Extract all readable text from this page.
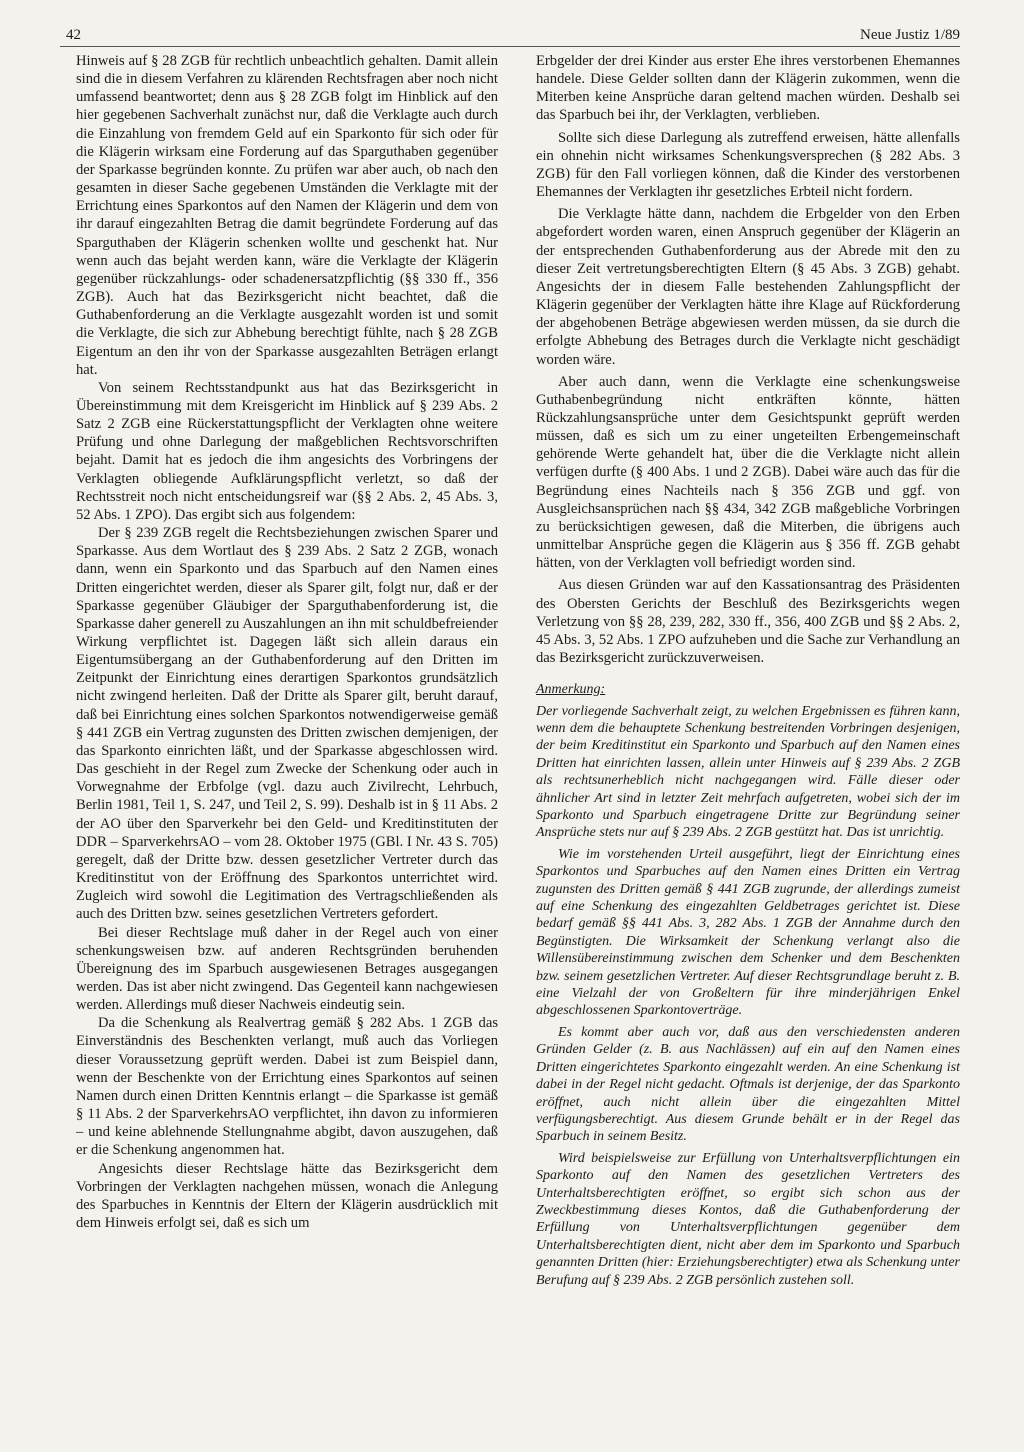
42	Neue Justiz 1/89

Hinweis auf § 28 ZGB für rechtlich unbeachtlich gehalten. Damit allein sind die in diesem Verfahren zu klärenden Rechtsfragen aber noch nicht umfassend beantwortet; denn aus § 28 ZGB folgt im Hinblick auf den hier gegebenen Sachverhalt zunächst nur, daß die Verklagte auch durch die Einzahlung von fremdem Geld auf ein Sparkonto für sich oder für die Klägerin wirksam eine Forderung auf das Sparguthaben gegenüber der Sparkasse begründen konnte. Zu prüfen war aber auch, ob nach den gesamten in dieser Sache gegebenen Umständen die Verklagte mit der Errichtung eines Sparkontos auf den Namen der Klägerin und dem von ihr darauf eingezahlten Betrag die damit begründete Forderung auf das Sparguthaben der Klägerin schenken wollte und geschenkt hat. Nur wenn auch das bejaht werden kann, wäre die Verklagte der Klägerin gegenüber rückzahlungs- oder schadenersatzpflichtig (§§ 330 ff., 356 ZGB). Auch hat das Bezirksgericht nicht beachtet, daß die Guthabenforderung an die Verklagte ausgezahlt worden ist und somit die Verklagte, die sich zur Abhebung berechtigt fühlte, nach § 28 ZGB Eigentum an den ihr von der Sparkasse ausgezahlten Beträgen erlangt hat.

Von seinem Rechtsstandpunkt aus hat das Bezirksgericht in Übereinstimmung mit dem Kreisgericht im Hinblick auf § 239 Abs. 2 Satz 2 ZGB eine Rückerstattungspflicht der Verklagten ohne weitere Prüfung und ohne Darlegung der maßgeblichen Rechtsvorschriften bejaht. Damit hat es jedoch die ihm angesichts des Vorbringens der Verklagten obliegende Aufklärungspflicht verletzt, so daß der Rechtsstreit noch nicht entscheidungsreif war (§§ 2 Abs. 2, 45 Abs. 3, 52 Abs. 1 ZPO). Das ergibt sich aus folgendem:

Der § 239 ZGB regelt die Rechtsbeziehungen zwischen Sparer und Sparkasse. Aus dem Wortlaut des § 239 Abs. 2 Satz 2 ZGB, wonach dann, wenn ein Sparkonto und das Sparbuch auf den Namen eines Dritten eingerichtet werden, dieser als Sparer gilt, folgt nur, daß er der Sparkasse gegenüber Gläubiger der Sparguthabenforderung ist, die Sparkasse daher generell zu Auszahlungen an ihn mit schuldbefreiender Wirkung verpflichtet ist. Dagegen läßt sich allein daraus ein Eigentumsübergang an der Guthabenforderung auf den Dritten im Zeitpunkt der Einrichtung eines derartigen Sparkontos grundsätzlich nicht zwingend herleiten. Daß der Dritte als Sparer gilt, beruht darauf, daß bei Einrichtung eines solchen Sparkontos notwendigerweise gemäß § 441 ZGB ein Vertrag zugunsten des Dritten zwischen demjenigen, der das Sparkonto einrichten läßt, und der Sparkasse abgeschlossen wird. Das geschieht in der Regel zum Zwecke der Schenkung oder auch in Vorwegnahme der Erbfolge (vgl. dazu auch Zivilrecht, Lehrbuch, Berlin 1981, Teil 1, S. 247, und Teil 2, S. 99). Deshalb ist in § 11 Abs. 2 der AO über den Sparverkehr bei den Geld- und Kreditinstituten der DDR – SparverkehrsAO – vom 28. Oktober 1975 (GBl. I Nr. 43 S. 705) geregelt, daß der Dritte bzw. dessen gesetzlicher Vertreter durch das Kreditinstitut von der Eröffnung des Sparkontos unterrichtet wird. Zugleich wird sowohl die Legitimation des Vertragschließenden als auch des Dritten bzw. seines gesetzlichen Vertreters gefordert.

Bei dieser Rechtslage muß daher in der Regel auch von einer schenkungsweisen bzw. auf anderen Rechtsgründen beruhenden Übereignung des im Sparbuch ausgewiesenen Betrages ausgegangen werden. Das ist aber nicht zwingend. Das Gegenteil kann nachgewiesen werden. Allerdings muß dieser Nachweis eindeutig sein.

Da die Schenkung als Realvertrag gemäß § 282 Abs. 1 ZGB das Einverständnis des Beschenkten verlangt, muß auch das Vorliegen dieser Voraussetzung geprüft werden. Dabei ist zum Beispiel dann, wenn der Beschenkte von der Errichtung eines Sparkontos auf seinen Namen durch einen Dritten Kenntnis erlangt – die Sparkasse ist gemäß § 11 Abs. 2 der SparverkehrsAO verpflichtet, ihn davon zu informieren – und keine ablehnende Stellungnahme abgibt, davon auszugehen, daß er die Schenkung angenommen hat.

Angesichts dieser Rechtslage hätte das Bezirksgericht dem Vorbringen der Verklagten nachgehen müssen, wonach die Anlegung des Sparbuches in Kenntnis der Eltern der Klägerin ausdrücklich mit dem Hinweis erfolgt sei, daß es sich um

Erbgelder der drei Kinder aus erster Ehe ihres verstorbenen Ehemannes handele. Diese Gelder sollten dann der Klägerin zukommen, wenn die Miterben keine Ansprüche daran geltend machen würden. Deshalb sei das Sparbuch bei ihr, der Verklagten, verblieben.

Sollte sich diese Darlegung als zutreffend erweisen, hätte allenfalls ein ohnehin nicht wirksames Schenkungsversprechen (§ 282 Abs. 3 ZGB) für den Fall vorliegen können, daß die Kinder des verstorbenen Ehemannes der Verklagten ihr gesetzliches Erbteil nicht fordern.

Die Verklagte hätte dann, nachdem die Erbgelder von den Erben abgefordert worden waren, einen Anspruch gegenüber der Klägerin an der entsprechenden Guthabenforderung aus der Abrede mit den zu dieser Zeit vertretungsberechtigten Eltern (§ 45 Abs. 3 ZGB) gehabt. Angesichts der in diesem Falle bestehenden Zahlungspflicht der Klägerin gegenüber der Verklagten hätte ihre Klage auf Rückforderung der abgehobenen Beträge abgewiesen werden müssen, da sie durch die erfolgte Abhebung des Betrages durch die Verklagte nicht geschädigt worden wäre.

Aber auch dann, wenn die Verklagte eine schenkungsweise Guthabenbegründung nicht entkräften könnte, hätten Rückzahlungsansprüche unter dem Gesichtspunkt geprüft werden müssen, daß es sich um zu einer ungeteilten Erbengemeinschaft gehörende Werte gehandelt hat, über die die Verklagte nicht allein verfügen durfte (§ 400 Abs. 1 und 2 ZGB). Dabei wäre auch das für die Begründung eines Nachteils nach § 356 ZGB und ggf. von Ausgleichsansprüchen nach §§ 434, 342 ZGB maßgebliche Vorbringen zu berücksichtigen gewesen, daß die Miterben, die übrigens auch unmittelbar Ansprüche gegen die Klägerin aus § 356 ff. ZGB gehabt hätten, von der Verklagten voll befriedigt worden sind.

Aus diesen Gründen war auf den Kassationsantrag des Präsidenten des Obersten Gerichts der Beschluß des Bezirksgerichts wegen Verletzung von §§ 28, 239, 282, 330 ff., 356, 400 ZGB und §§ 2 Abs. 2, 45 Abs. 3, 52 Abs. 1 ZPO aufzuheben und die Sache zur Verhandlung an das Bezirksgericht zurückzuverweisen.

Anmerkung:

Der vorliegende Sachverhalt zeigt, zu welchen Ergebnissen es führen kann, wenn dem die behauptete Schenkung bestreitenden Vorbringen desjenigen, der beim Kreditinstitut ein Sparkonto und Sparbuch auf den Namen eines Dritten hat einrichten lassen, allein unter Hinweis auf § 239 Abs. 2 ZGB als rechtsunerheblich nicht nachgegangen wird. Fälle dieser oder ähnlicher Art sind in letzter Zeit mehrfach aufgetreten, wobei sich der im Sparkonto und Sparbuch eingetragene Dritte zur Begründung seiner Ansprüche stets nur auf § 239 Abs. 2 ZGB gestützt hat. Das ist unrichtig.

Wie im vorstehenden Urteil ausgeführt, liegt der Einrichtung eines Sparkontos und Sparbuches auf den Namen eines Dritten ein Vertrag zugunsten des Dritten gemäß § 441 ZGB zugrunde, der allerdings zumeist auf eine Schenkung des eingezahlten Geldbetrages gerichtet ist. Diese bedarf gemäß §§ 441 Abs. 3, 282 Abs. 1 ZGB der Annahme durch den Begünstigten. Die Wirksamkeit der Schenkung verlangt also die Willensübereinstimmung zwischen dem Schenker und dem Beschenkten bzw. seinem gesetzlichen Vertreter. Auf dieser Rechtsgrundlage beruht z. B. eine Vielzahl der von Großeltern für ihre minderjährigen Enkel abgeschlossenen Sparkontoverträge.

Es kommt aber auch vor, daß aus den verschiedensten anderen Gründen Gelder (z. B. aus Nachlässen) auf ein auf den Namen eines Dritten eingerichtetes Sparkonto eingezahlt werden. An eine Schenkung ist dabei in der Regel nicht gedacht. Oftmals ist derjenige, der das Sparkonto eröffnet, auch nicht allein über die eingezahlten Mittel verfügungsberechtigt. Aus diesem Grunde behält er in der Regel das Sparbuch in seinem Besitz.

Wird beispielsweise zur Erfüllung von Unterhaltsverpflichtungen ein Sparkonto auf den Namen des gesetzlichen Vertreters des Unterhaltsberechtigten eröffnet, so ergibt sich schon aus der Zweckbestimmung dieses Kontos, daß die Guthabenforderung der Erfüllung von Unterhaltsverpflichtungen gegenüber dem Unterhaltsberechtigten dient, nicht aber dem im Sparkonto und Sparbuch genannten Dritten (hier: Erziehungsberechtigter) etwa als Schenkung unter Berufung auf § 239 Abs. 2 ZGB persönlich zustehen soll.
